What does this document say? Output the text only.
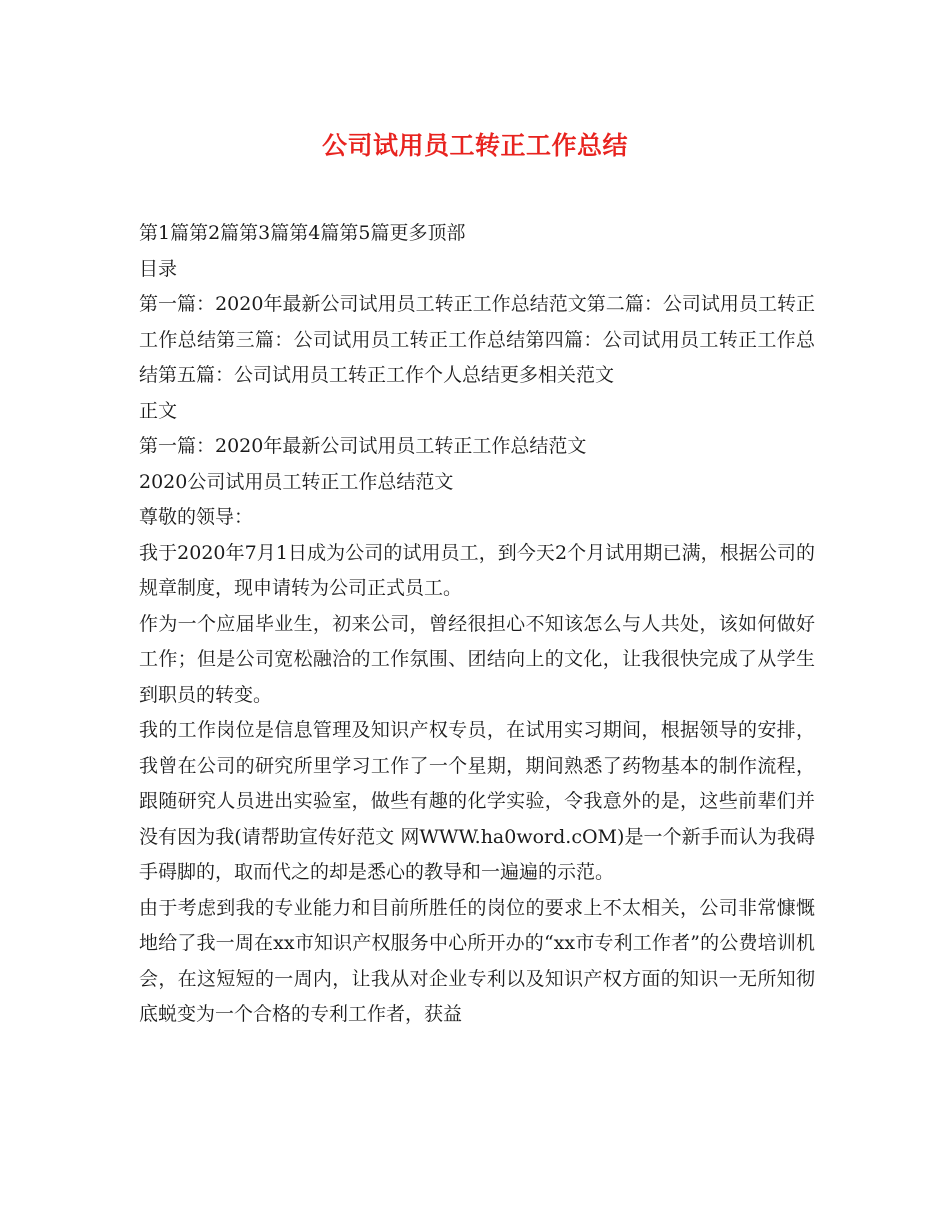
公司试用员工转正工作总结

第1篇第2篇第3篇第4篇第5篇更多顶部

目录

第一篇：2020年最新公司试用员工转正工作总结范文第二篇：公司试用员工转正工作总结第三篇：公司试用员工转正工作总结第四篇：公司试用员工转正工作总结第五篇：公司试用员工转正工作个人总结更多相关范文

正文

第一篇：2020年最新公司试用员工转正工作总结范文

2020公司试用员工转正工作总结范文

尊敬的领导：

我于2020年7月1日成为公司的试用员工，到今天2个月试用期已满，根据公司的规章制度，现申请转为公司正式员工。

作为一个应届毕业生，初来公司，曾经很担心不知该怎么与人共处，该如何做好工作；但是公司宽松融洽的工作氛围、团结向上的文化，让我很快完成了从学生到职员的转变。

我的工作岗位是信息管理及知识产权专员，在试用实习期间，根据领导的安排，我曾在公司的研究所里学习工作了一个星期，期间熟悉了药物基本的制作流程，跟随研究人员进出实验室，做些有趣的化学实验，令我意外的是，这些前辈们并没有因为我(请帮助宣传好范文 网WWW.ha0word.cOM)是一个新手而认为我碍手碍脚的，取而代之的却是悉心的教导和一遍遍的示范。

由于考虑到我的专业能力和目前所胜任的岗位的要求上不太相关，公司非常慷慨地给了我一周在xx市知识产权服务中心所开办的“xx市专利工作者”的公费培训机会，在这短短的一周内，让我从对企业专利以及知识产权方面的知识一无所知彻底蜕变为一个合格的专利工作者，获益
